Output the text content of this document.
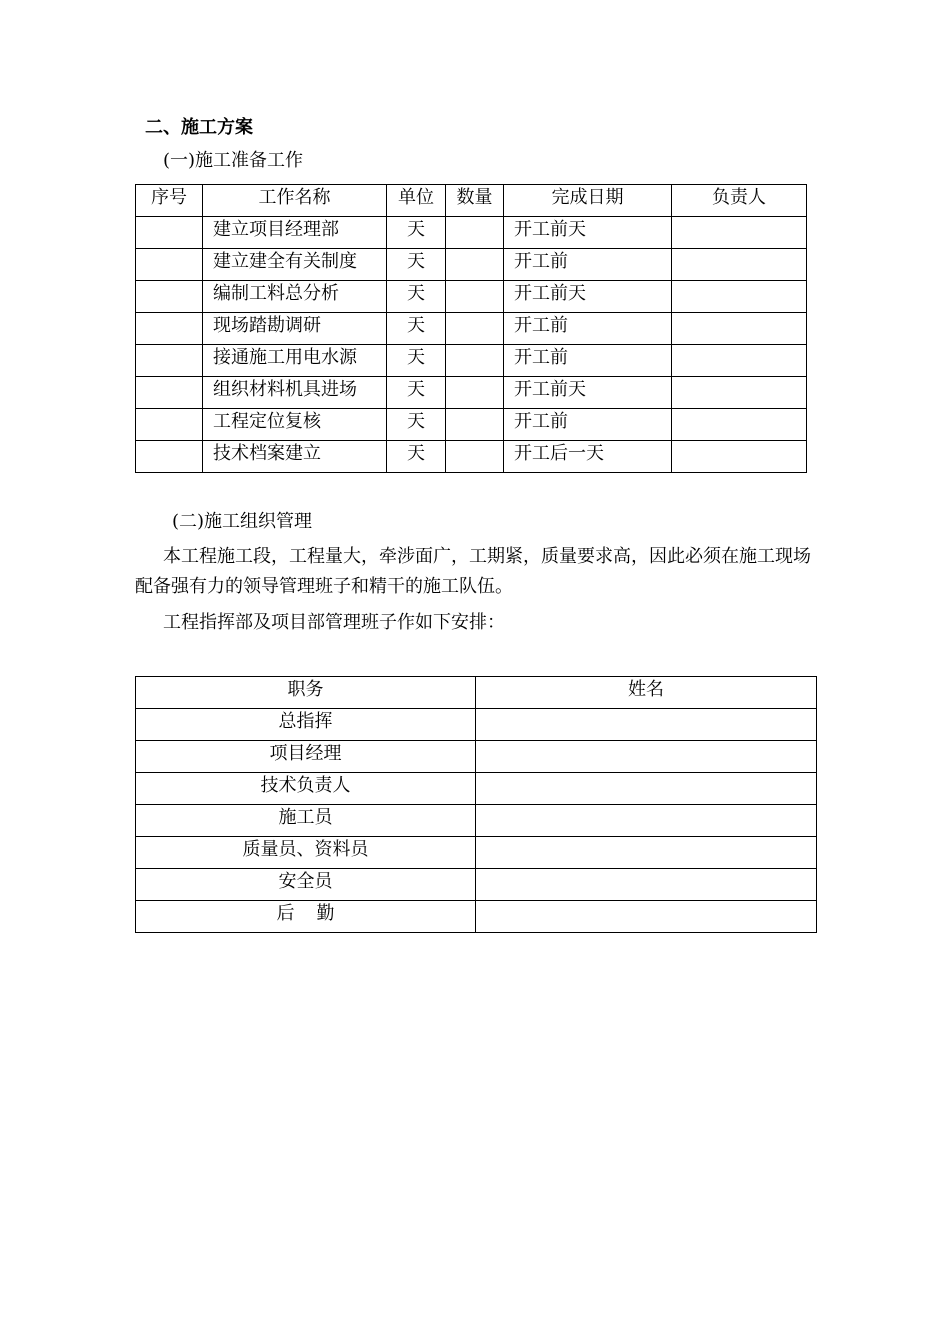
二、施工方案
(一)施工准备工作
序号	工作名称	单位	数量	完成日期	负责人
	建立项目经理部	天		开工前天	
	建立建全有关制度	天		开工前	
	编制工料总分析	天		开工前天	
	现场踏勘调研	天		开工前	
	接通施工用电水源	天		开工前	
	组织材料机具进场	天		开工前天	
	工程定位复核	天		开工前	
	技术档案建立	天		开工后一天	
(二)施工组织管理
本工程施工段，工程量大，牵涉面广，工期紧，质量要求高，因此必须在施工现场配备强有力的领导管理班子和精干的施工队伍。
工程指挥部及项目部管理班子作如下安排：
职务	姓名
总指挥	
项目经理	
技术负责人	
施工员	
质量员、资料员	
安全员	
后勤	
